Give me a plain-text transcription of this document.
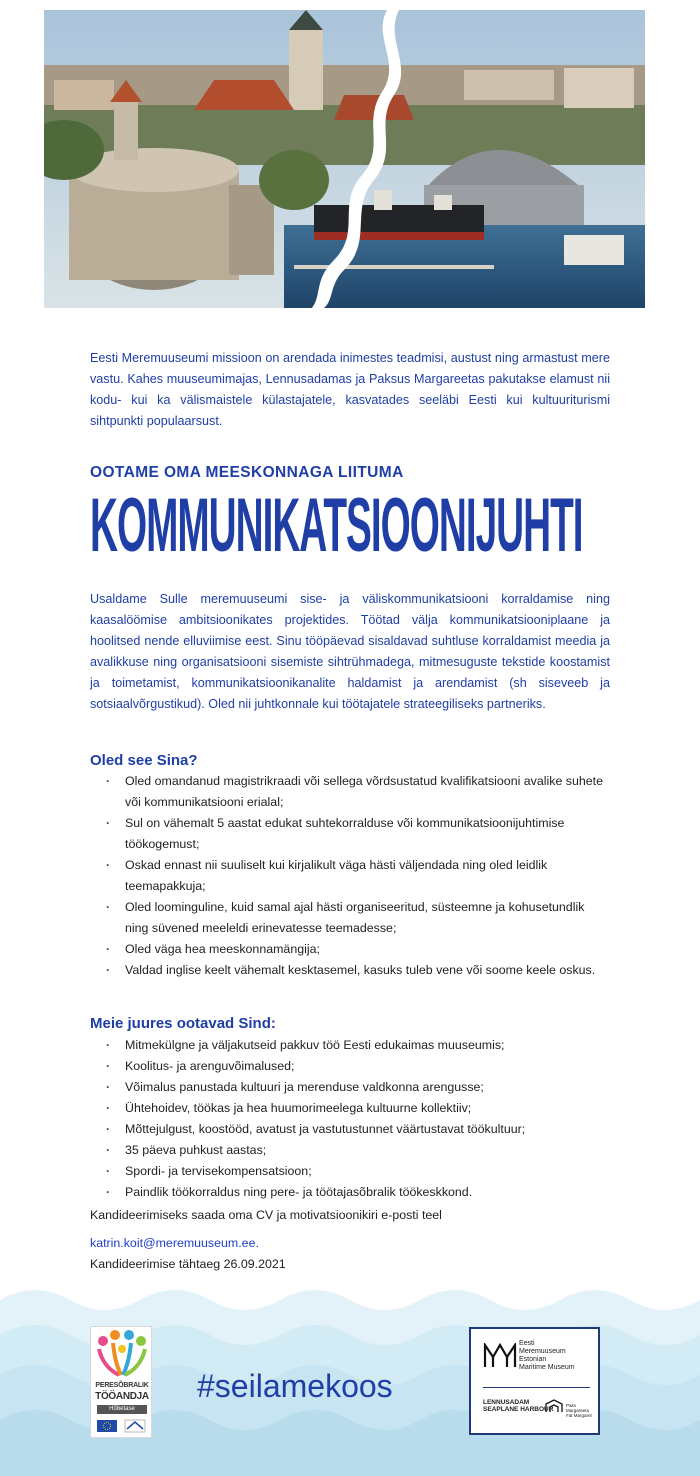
Eesti Meremuuseumi missioon on arendada inimestes teadmisi, austust ning armastust mere vastu. Kahes muuseumimajas, Lennusadamas ja Paksus Margareetas pakutakse elamust nii kodu- kui ka välismaistele külastajatele, kasvatades seeläbi Eesti kui kultuuriturismi sihtpunkti populaarsust.
OOTAME OMA MEESKONNAGA LIITUMA
KOMMUNIKATSIOONIJUHTI
Usaldame Sulle meremuuseumi sise- ja väliskommunikatsiooni korraldamise ning kaasalöömise ambitsioonikates projektides. Töötad välja kommunikatsiooniplaane ja hoolitsed nende elluviimise eest. Sinu tööpäevad sisaldavad suhtluse korraldamist meedia ja avalikkuse ning organisatsiooni sisemiste sihtrühmadega, mitmesuguste tekstide koostamist ja toimetamist, kommunikatsioonikanalite haldamist ja arendamist (sh siseveeb ja sotsiaalvõrgustikud). Oled nii juhtkonnale kui töötajatele strateegiliseks partneriks.
Oled see Sina?
· Oled omandanud magistrikraadi või sellega võrdsustatud kvalifikatsiooni avalike suhete või kommunikatsiooni erialal;
· Sul on vähemalt 5 aastat edukat suhtekorralduse või kommunikatsioonijuhtimise töökogemust;
· Oskad ennast nii suuliselt kui kirjalikult väga hästi väljendada ning oled leidlik teemapakkuja;
· Oled loominguline, kuid samal ajal hästi organiseeritud, süsteemne ja kohusetundlik ning süvened meeleldi erinevatesse teemadesse;
· Oled väga hea meeskonnamängija;
· Valdad inglise keelt vähemalt kesktasemel, kasuks tuleb vene või soome keele oskus.
Meie juures ootavad Sind:
· Mitmekülgne ja väljakutseid pakkuv töö Eesti edukaimas muuseumis;
· Koolitus- ja arenguvõimalused;
· Võimalus panustada kultuuri ja merenduse valdkonna arengusse;
· Ühtehoidev, töökas ja hea huumorimeelega kultuurne kollektiiv;
· Mõttejulgust, koostööd, avatust ja vastutustunnet väärtustavat töökultuur;
· 35 päeva puhkust aastas;
· Spordi- ja tervisekompensatsioon;
· Paindlik töökorraldus ning pere- ja töötajasõbralik töökeskkond.
Kandideerimiseks saada oma CV ja motivatsioonikiri e-posti teel
katrin.koit@meremuuseum.ee.
Kandideerimise tähtaeg 26.09.2021
PERESÕBRALIK
TÖÖANDJA
Hõbetase
#seilamekoos
Eesti
Meremuuseum
Estonian
Maritime Museum
LENNUSADAM
SEAPLANE HARBOUR
Paks Margareeta Fat Margaret
